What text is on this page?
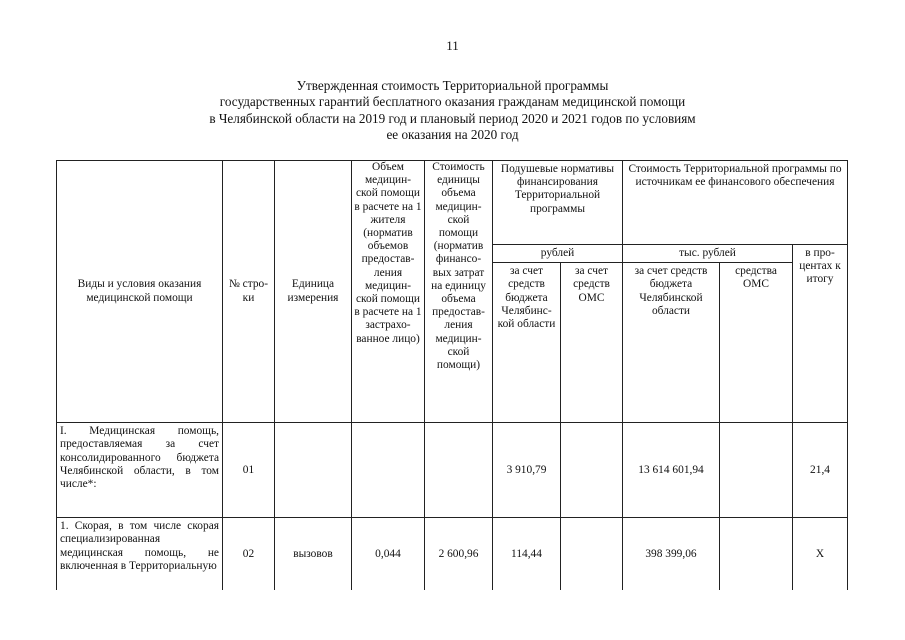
11
Утвержденная стоимость Территориальной программы
государственных гарантий бесплатного оказания гражданам медицинской помощи
в Челябинской области на 2019 год и плановый период 2020 и 2021 годов по условиям
ее оказания на 2020 год
Виды и условия оказания медицинской помощи	№ стро- ки	Единица измерения	Объем медицин- ской помощи в расчете на 1 жителя (норматив объемов предостав- ления медицин- ской помощи в расчете на 1 застрахо- ванное лицо)	Стоимость единицы объема медицин- ской помощи (норматив финансо- вых затрат на единицу объема предостав- ления медицин- ской помощи)	Подушевые нормативы финансирования Территориальной программы		Стоимость Территориальной программы по источникам ее финансового обеспечения		
					рублей		тыс. рублей		в про- центах к итогу
					за счет средств бюджета Челябинс- кой области	за счет средств ОМС	за счет средств бюджета Челябинской области	средства ОМС	
I. Медицинская помощь, предоставляемая за счет консолидированного бюджета Челябинской области, в том числе*:	01				3 910,79		13 614 601,94		21,4
1. Скорая, в том числе скорая специализированная медицинская помощь, не включенная в Территориальную	02	вызовов	0,044	2 600,96	114,44		398 399,06		X
